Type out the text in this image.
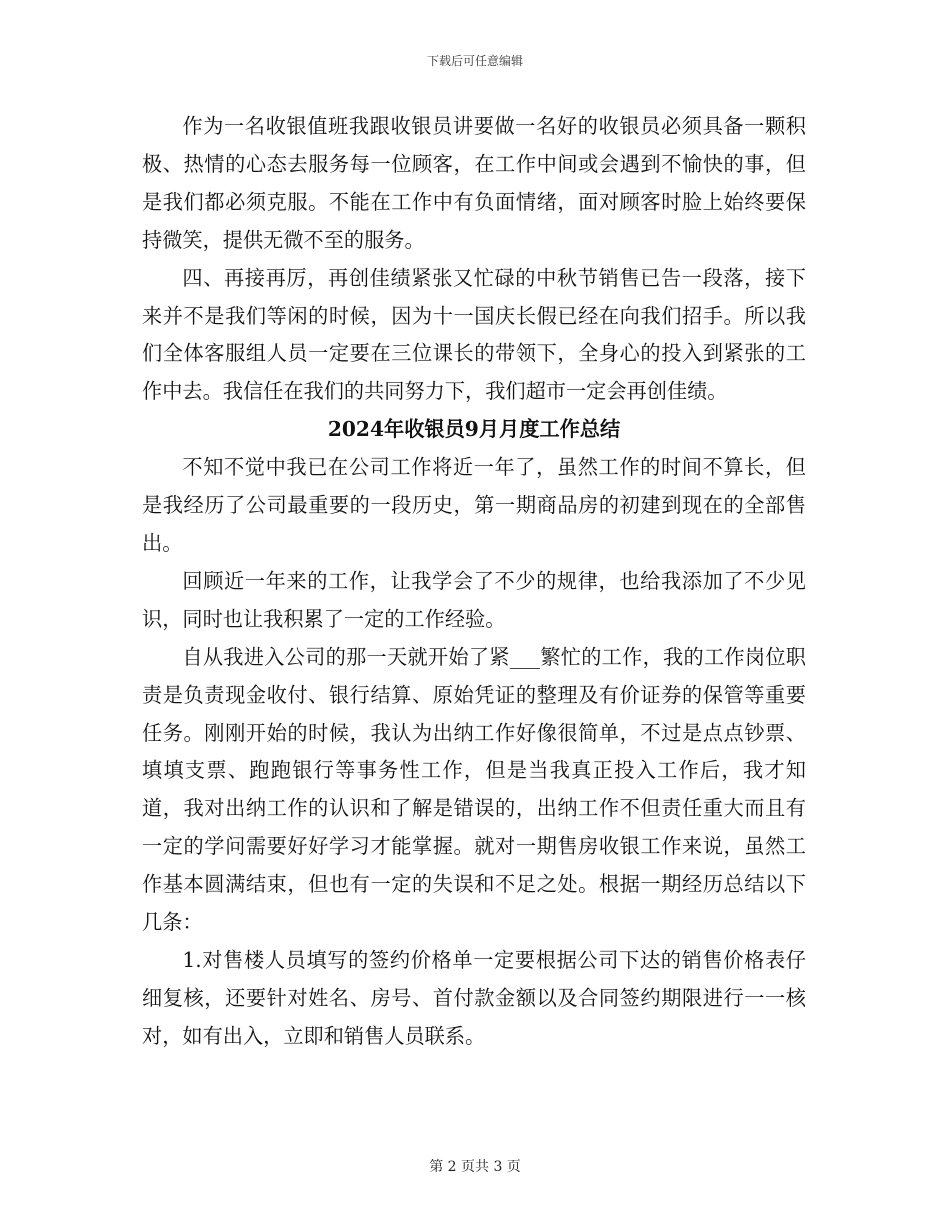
下载后可任意编辑

作为一名收银值班我跟收银员讲要做一名好的收银员必须具备一颗积极、热情的心态去服务每一位顾客，在工作中间或会遇到不愉快的事，但是我们都必须克服。不能在工作中有负面情绪，面对顾客时脸上始终要保持微笑，提供无微不至的服务。

四、再接再厉，再创佳绩紧张又忙碌的中秋节销售已告一段落，接下来并不是我们等闲的时候，因为十一国庆长假已经在向我们招手。所以我们全体客服组人员一定要在三位课长的带领下，全身心的投入到紧张的工作中去。我信任在我们的共同努力下，我们超市一定会再创佳绩。

2024年收银员9月月度工作总结

不知不觉中我已在公司工作将近一年了，虽然工作的时间不算长，但是我经历了公司最重要的一段历史，第一期商品房的初建到现在的全部售出。

回顾近一年来的工作，让我学会了不少的规律，也给我添加了不少见识，同时也让我积累了一定的工作经验。

自从我进入公司的那一天就开始了紧___繁忙的工作，我的工作岗位职责是负责现金收付、银行结算、原始凭证的整理及有价证券的保管等重要任务。刚刚开始的时候，我认为出纳工作好像很简单，不过是点点钞票、填填支票、跑跑银行等事务性工作，但是当我真正投入工作后，我才知道，我对出纳工作的认识和了解是错误的，出纳工作不但责任重大而且有一定的学问需要好好学习才能掌握。就对一期售房收银工作来说，虽然工作基本圆满结束，但也有一定的失误和不足之处。根据一期经历总结以下几条：

1.对售楼人员填写的签约价格单一定要根据公司下达的销售价格表仔细复核，还要针对姓名、房号、首付款金额以及合同签约期限进行一一核对，如有出入，立即和销售人员联系。

第 2 页共 3 页
